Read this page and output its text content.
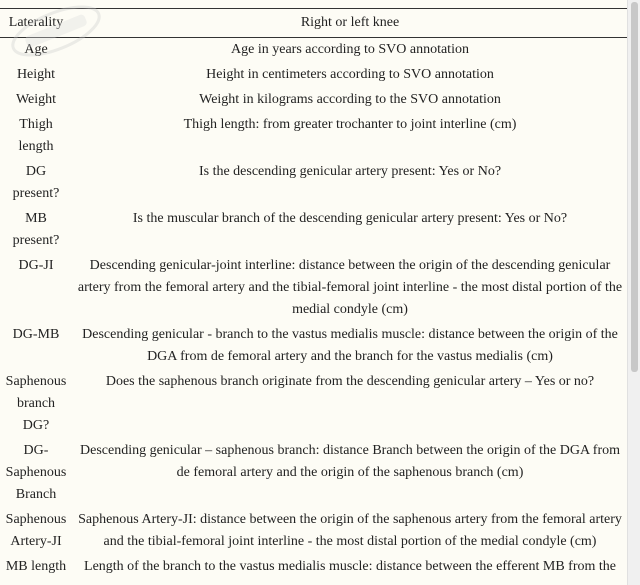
Laterality	Right or left knee
Age	Age in years according to SVO annotation
Height	Height in centimeters according to SVO annotation
Weight	Weight in kilograms according to the SVO annotation
Thigh length	Thigh length: from greater trochanter to joint interline (cm)
DG present?	Is the descending genicular artery present: Yes or No?
MB present?	Is the muscular branch of the descending genicular artery present: Yes or No?
DG-JI	Descending genicular-joint interline: distance between the origin of the descending genicular artery from the femoral artery and the tibial-femoral joint interline - the most distal portion of the medial condyle (cm)
DG-MB	Descending genicular - branch to the vastus medialis muscle: distance between the origin of the DGA from de femoral artery and the branch for the vastus medialis (cm)
Saphenous branch DG?	Does the saphenous branch originate from the descending genicular artery – Yes or no?
DG-Saphenous Branch	Descending genicular – saphenous branch: distance Branch between the origin of the DGA from de femoral artery and the origin of the saphenous branch (cm)
Saphenous Artery-JI	Saphenous Artery-JI: distance between the origin of the saphenous artery from the femoral artery and the tibial-femoral joint interline - the most distal portion of the medial condyle (cm)
MB length	Length of the branch to the vastus medialis muscle: distance between the efferent MB from the
